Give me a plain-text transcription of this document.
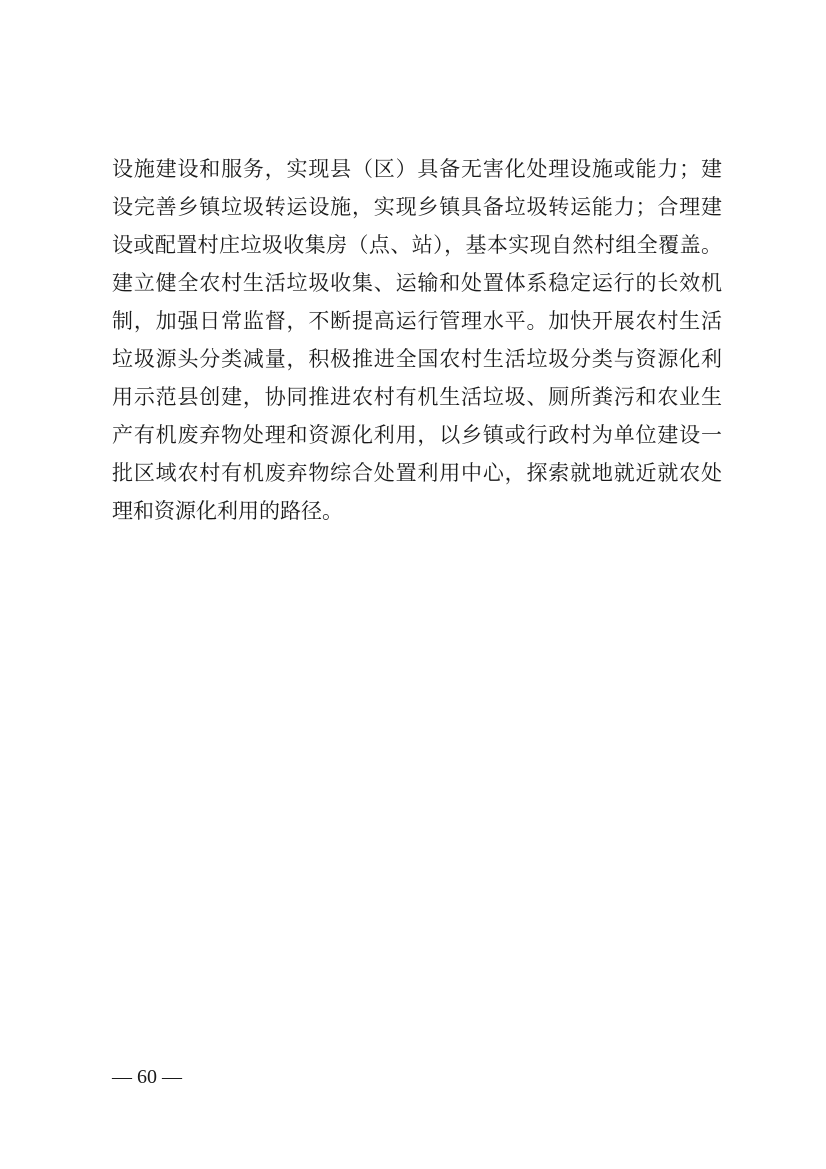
设施建设和服务，实现县（区）具备无害化处理设施或能力；建
设完善乡镇垃圾转运设施，实现乡镇具备垃圾转运能力；合理建
设或配置村庄垃圾收集房（点、站），基本实现自然村组全覆盖。
建立健全农村生活垃圾收集、运输和处置体系稳定运行的长效机
制，加强日常监督，不断提高运行管理水平。加快开展农村生活
垃圾源头分类减量，积极推进全国农村生活垃圾分类与资源化利
用示范县创建，协同推进农村有机生活垃圾、厕所粪污和农业生
产有机废弃物处理和资源化利用，以乡镇或行政村为单位建设一
批区域农村有机废弃物综合处置利用中心，探索就地就近就农处
理和资源化利用的路径。
— 60 —
